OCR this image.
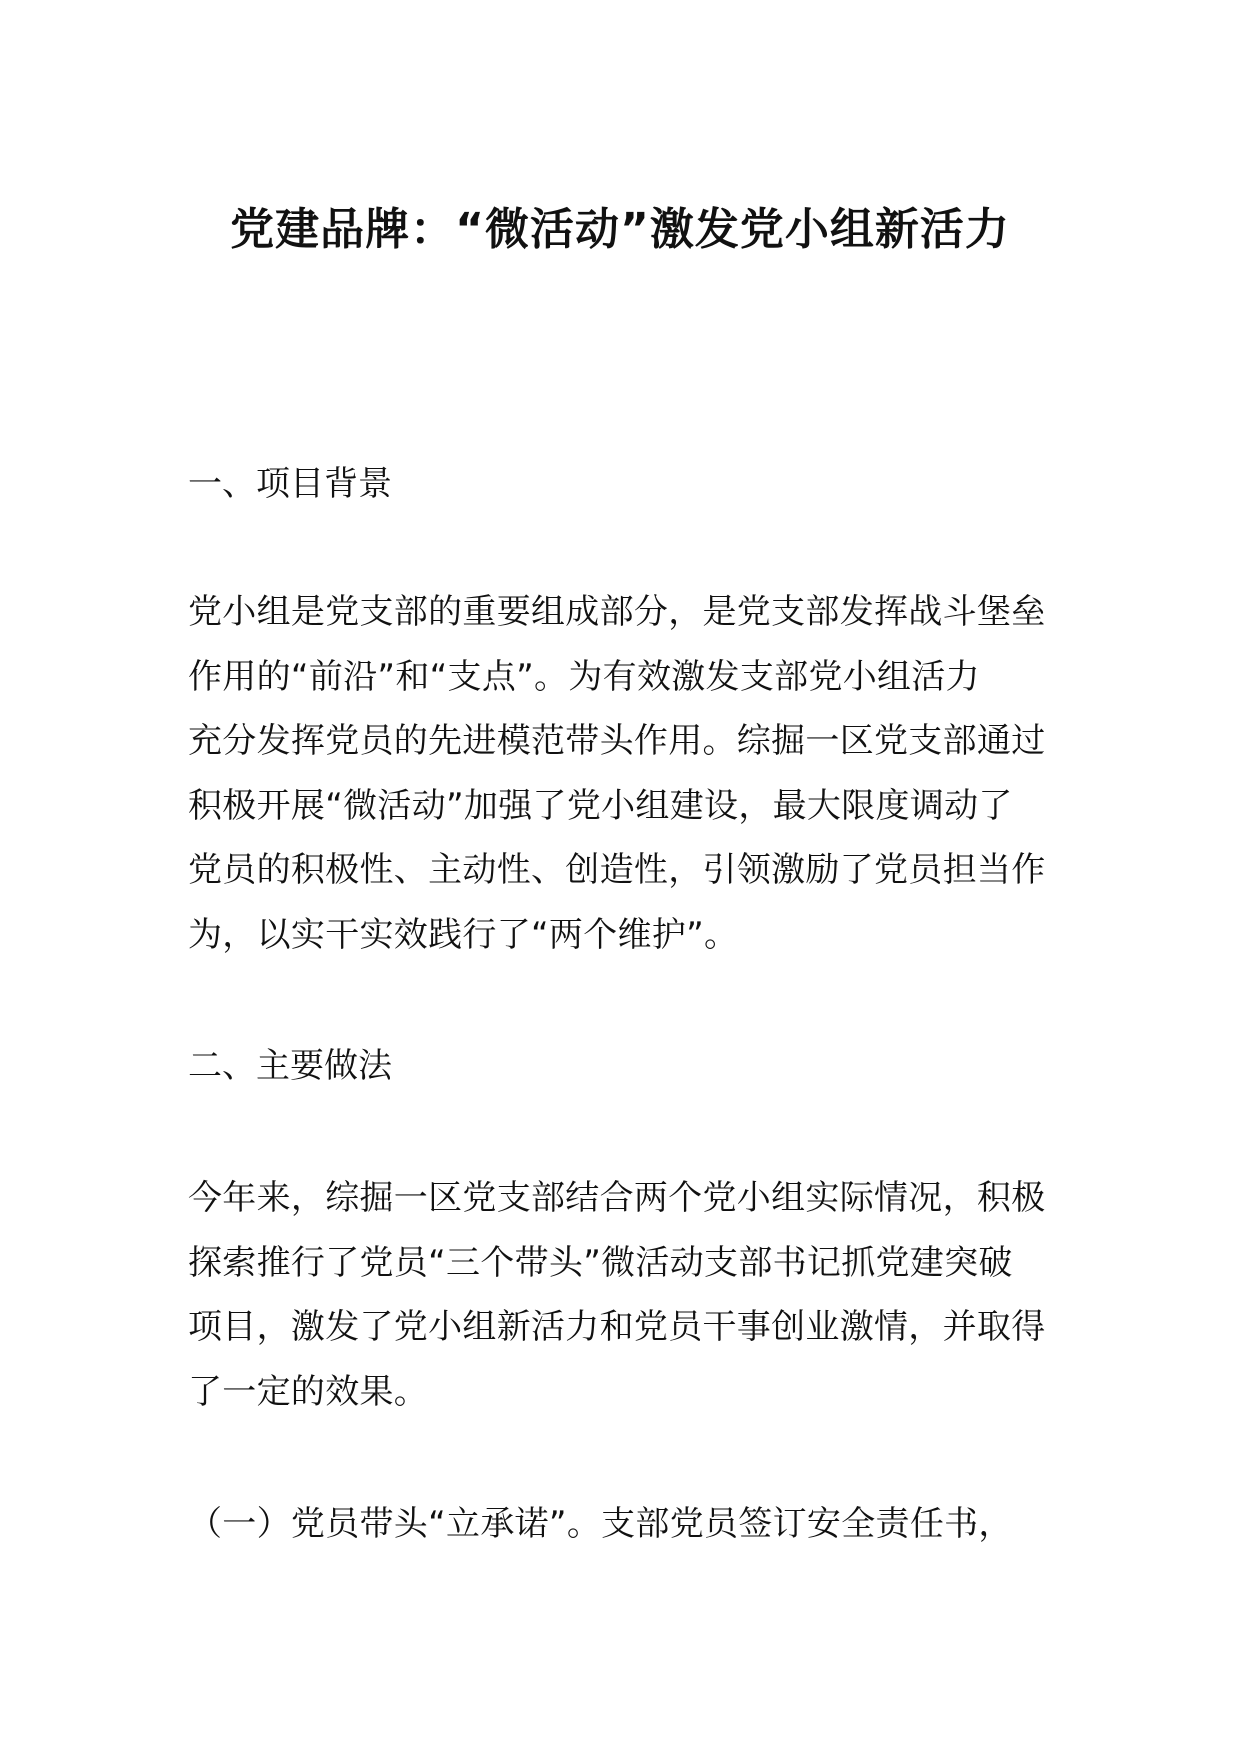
党建品牌：“微活动”激发党小组新活力
一、项目背景
党小组是党支部的重要组成部分，是党支部发挥战斗堡垒
作用的“前沿”和“支点”。为有效激发支部党小组活力
充分发挥党员的先进模范带头作用。综掘一区党支部通过
积极开展“微活动”加强了党小组建设，最大限度调动了
党员的积极性、主动性、创造性，引领激励了党员担当作
为，以实干实效践行了“两个维护”。
二、主要做法
今年来，综掘一区党支部结合两个党小组实际情况，积极
探索推行了党员“三个带头”微活动支部书记抓党建突破
项目，激发了党小组新活力和党员干事创业激情，并取得
了一定的效果。
（一）党员带头“立承诺”。支部党员签订安全责任书，
